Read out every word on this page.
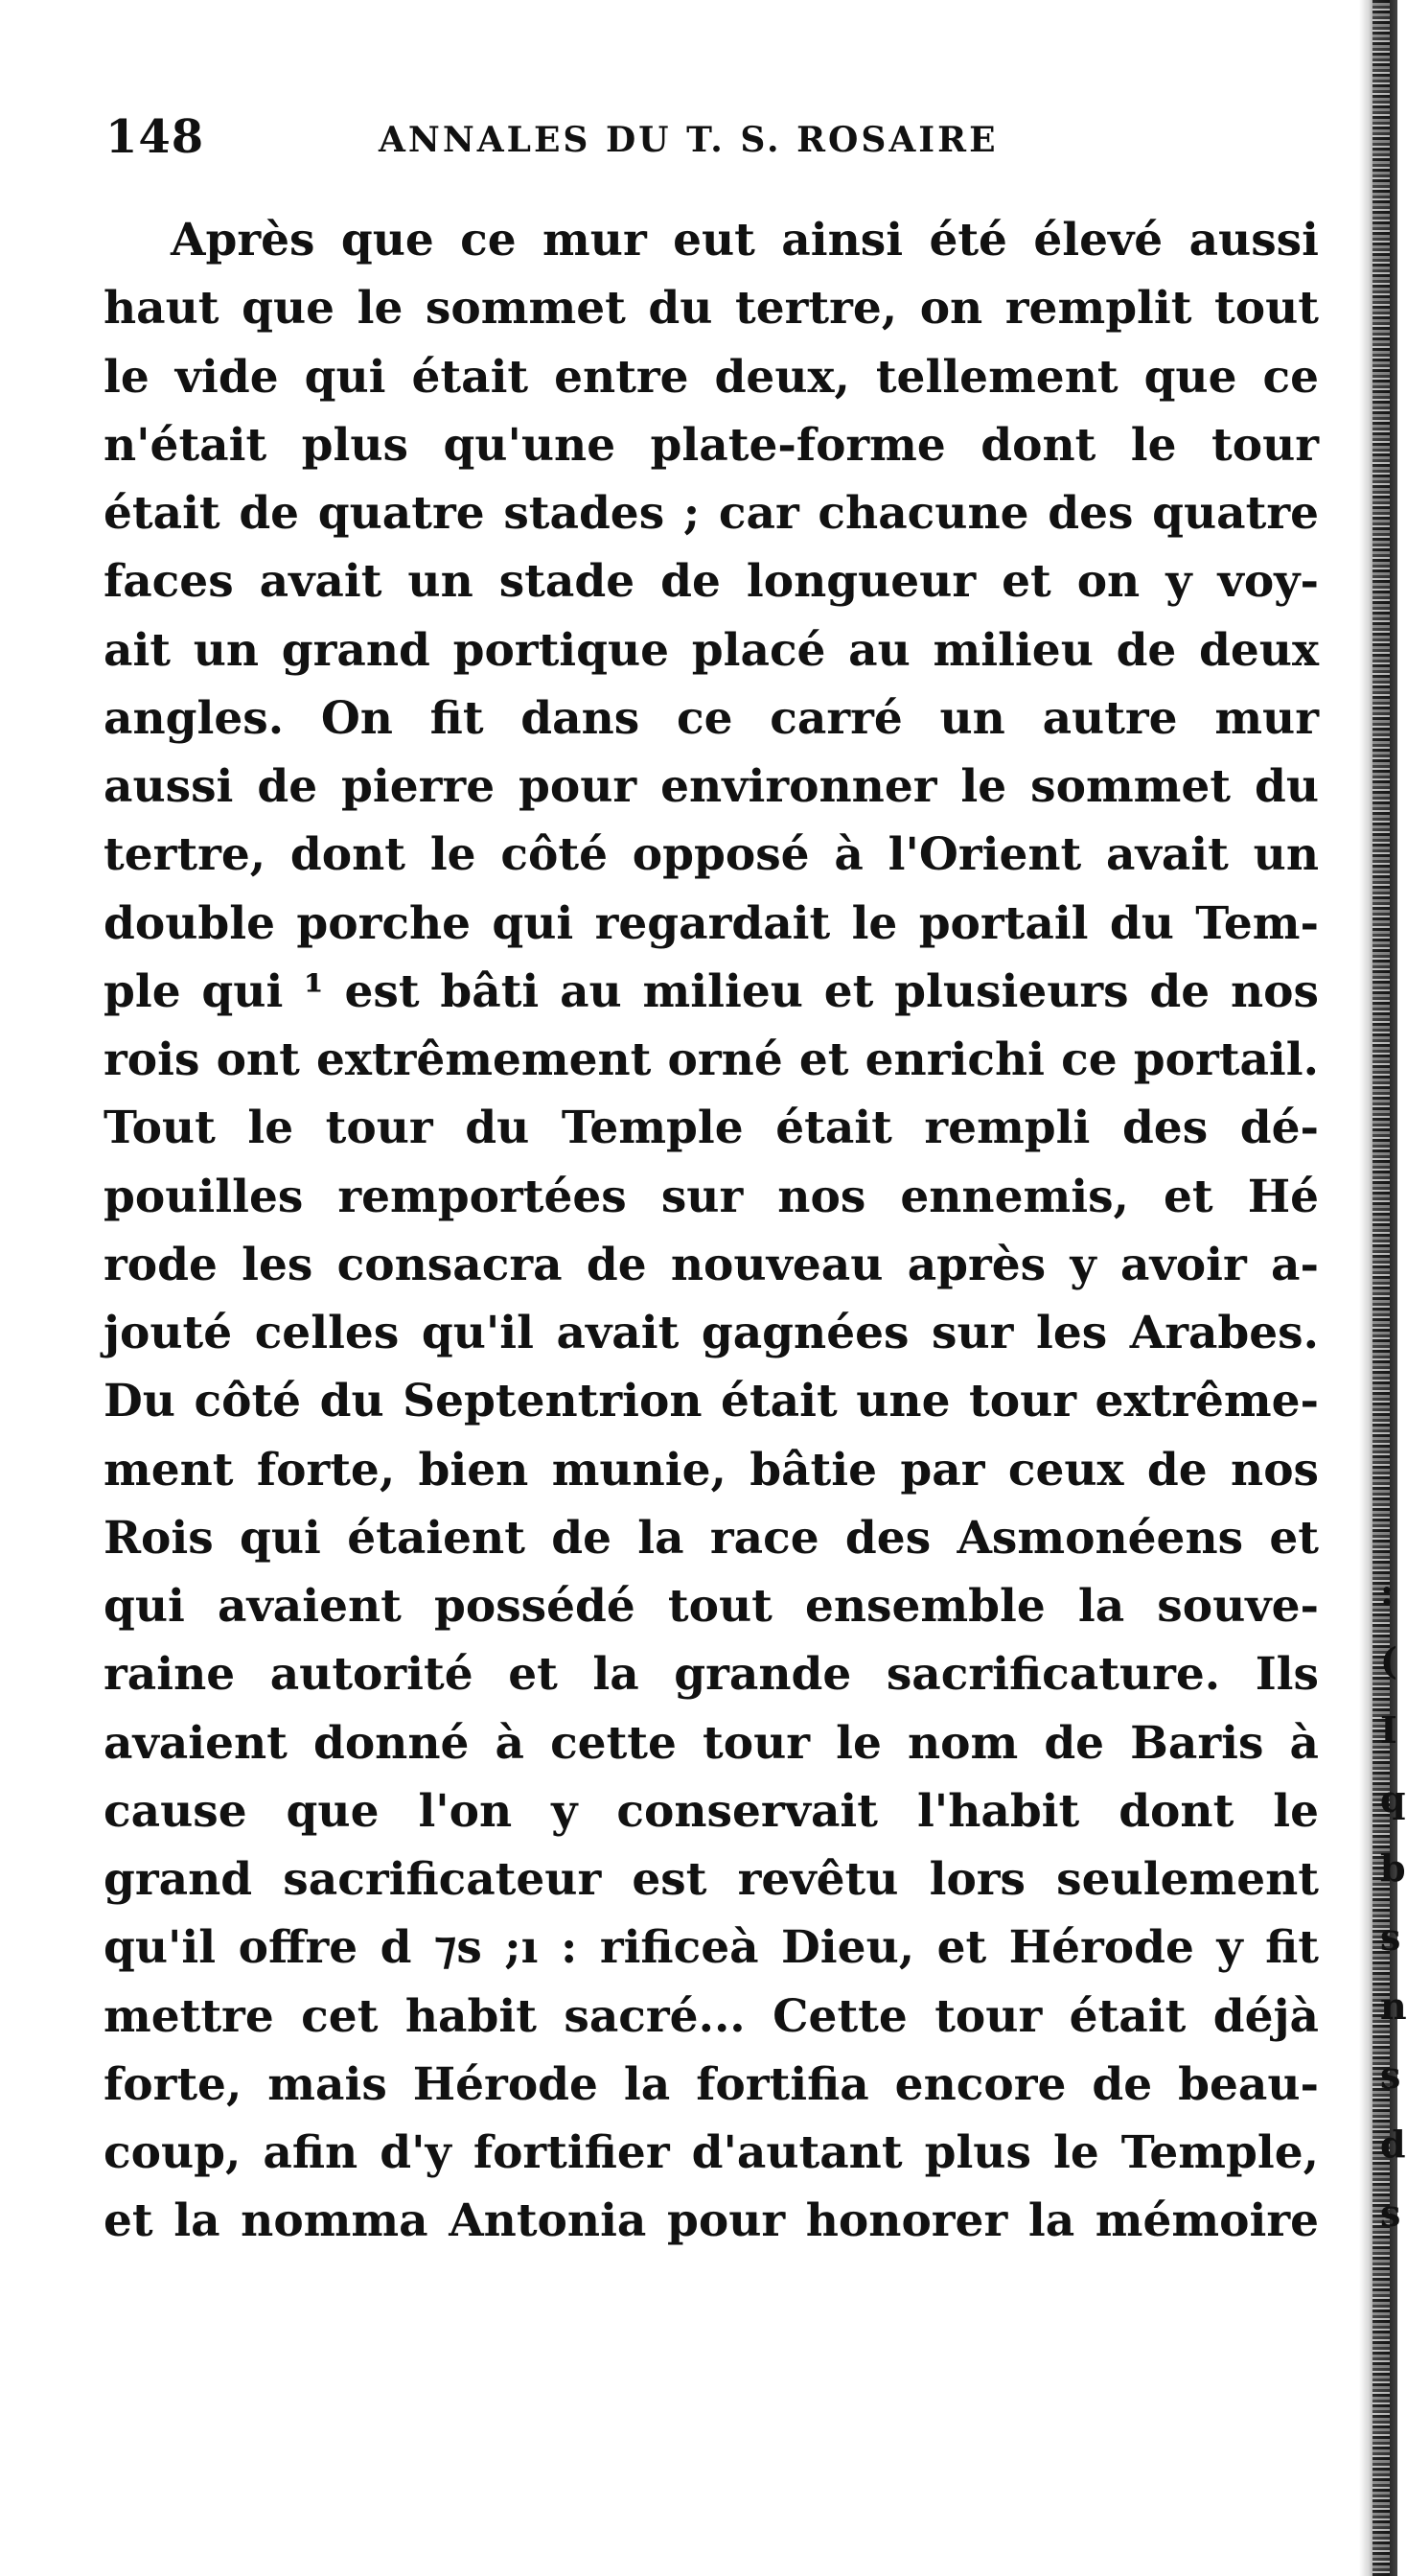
148	ANNALES DU T. S. ROSAIRE
Après que ce mur eut ainsi été élevé aussi
haut que le sommet du tertre, on remplit tout
le vide qui était entre deux, tellement que ce
n'était plus qu'une plate-forme dont le tour
était de quatre stades ; car chacune des quatre
faces avait un stade de longueur et on y voy-
ait un grand portique placé au milieu de deux
angles. On fit dans ce carré un autre mur
aussi de pierre pour environner le sommet du
tertre, dont le côté opposé à l'Orient avait un
double porche qui regardait le portail du Tem-
ple qui ¹ est bâti au milieu et plusieurs de nos
rois ont extrêmement orné et enrichi ce portail.
Tout le tour du Temple était rempli des dé-
pouilles remportées sur nos ennemis, et Hé
rode les consacra de nouveau après y avoir a-
jouté celles qu'il avait gagnées sur les Arabes.
Du côté du Septentrion était une tour extrême-
ment forte, bien munie, bâtie par ceux de nos
Rois qui étaient de la race des Asmonéens et
qui avaient possédé tout ensemble la souve-
raine autorité et la grande sacrificature. Ils
avaient donné à cette tour le nom de Baris à
cause que l'on y conservait l'habit dont le
grand sacrificateur est revêtu lors seulement
qu'il offre d ⁊s ;ı : rificeà Dieu, et Hérode y fit
mettre cet habit sacré... Cette tour était déjà
forte, mais Hérode la fortifia encore de beau-
coup, afin d'y fortifier d'autant plus le Temple,
et la nomma Antonia pour honorer la mémoire
:
(
I
q
b
s
n
s
d
s
